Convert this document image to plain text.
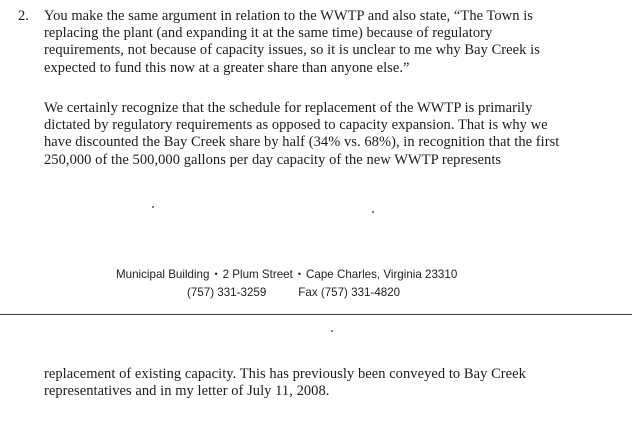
2. You make the same argument in relation to the WWTP and also state, “The Town is
replacing the plant (and expanding it at the same time) because of regulatory
requirements, not because of capacity issues, so it is unclear to me why Bay Creek is
expected to fund this now at a greater share than anyone else.”

We certainly recognize that the schedule for replacement of the WWTP is primarily
dictated by regulatory requirements as opposed to capacity expansion. That is why we
have discounted the Bay Creek share by half (34% vs. 68%), in recognition that the first
250,000 of the 500,000 gallons per day capacity of the new WWTP represents

Municipal Building • 2 Plum Street • Cape Charles, Virginia 23310
(757) 331-3259	Fax (757) 331-4820

replacement of existing capacity. This has previously been conveyed to Bay Creek
representatives and in my letter of July 11, 2008.
